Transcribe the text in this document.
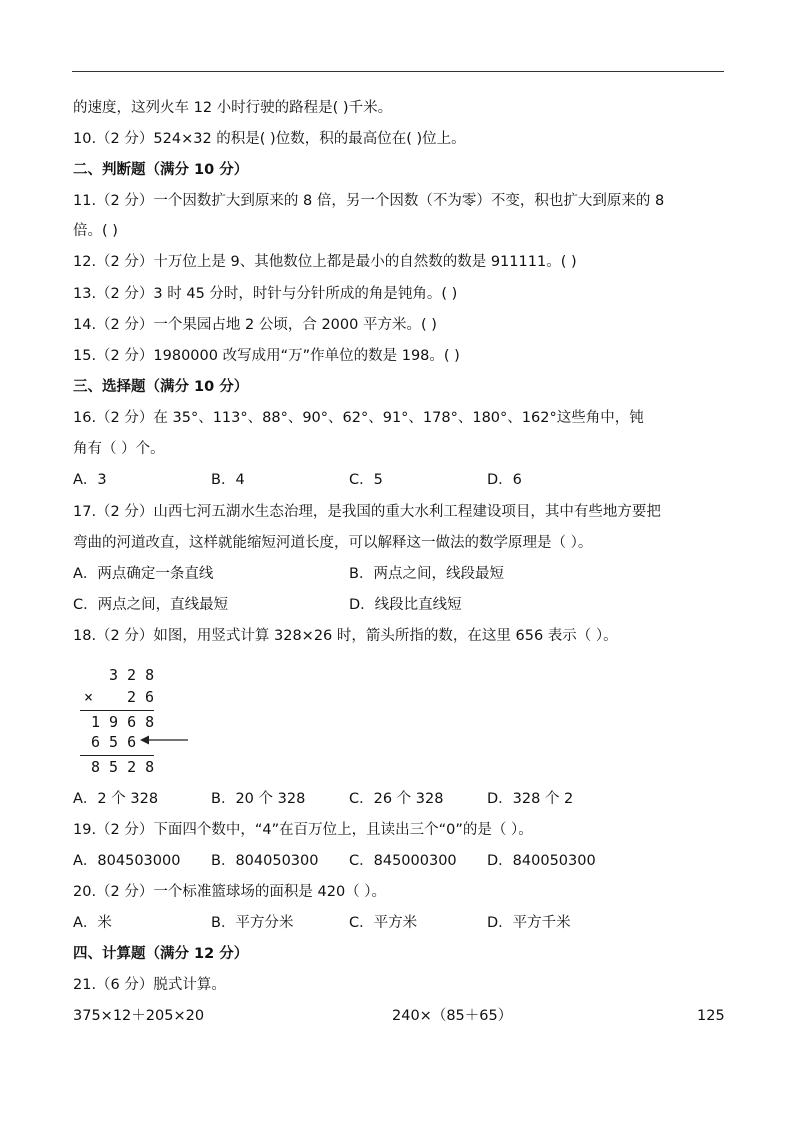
的速度，这列火车 12 小时行驶的路程是( )千米。
10.（2 分）524×32 的积是( )位数，积的最高位在( )位上。
二、判断题（满分 10 分）
11.（2 分）一个因数扩大到原来的 8 倍，另一个因数（不为零）不变，积也扩大到原来的 8
倍。( )
12.（2 分）十万位上是 9、其他数位上都是最小的自然数的数是 911111。( )
13.（2 分）3 时 45 分时，时针与分针所成的角是钝角。( )
14.（2 分）一个果园占地 2 公顷，合 2000 平方米。( )
15.（2 分）1980000 改写成用“万”作单位的数是 198。( )
三、选择题（满分 10 分）
16.（2 分）在 35°、113°、88°、90°、62°、91°、178°、180°、162°这些角中，钝
角有（ ）个。
A．3	B．4	C．5	D．6
17.（2 分）山西七河五湖水生态治理，是我国的重大水利工程建设项目，其中有些地方要把
弯曲的河道改直，这样就能缩短河道长度，可以解释这一做法的数学原理是（ ）。
A．两点确定一条直线	B．两点之间，线段最短
C．两点之间，直线最短	D．线段比直线短
18.（2 分）如图，用竖式计算 328×26 时，箭头所指的数，在这里 656 表示（ ）。
3 2 8
× 2 6
1 9 6 8
6 5 6
8 5 2 8
A．2 个 328	B．20 个 328	C．26 个 328	D．328 个 2
19.（2 分）下面四个数中，“4”在百万位上，且读出三个“0”的是（ ）。
A．804503000 B．804050300 C．845000300 D．840050300
20.（2 分）一个标准篮球场的面积是 420（ ）。
A．米	B．平方分米	C．平方米	D．平方千米
四、计算题（满分 12 分）
21.（6 分）脱式计算。
375×12＋205×20	240×（85＋65）	125
